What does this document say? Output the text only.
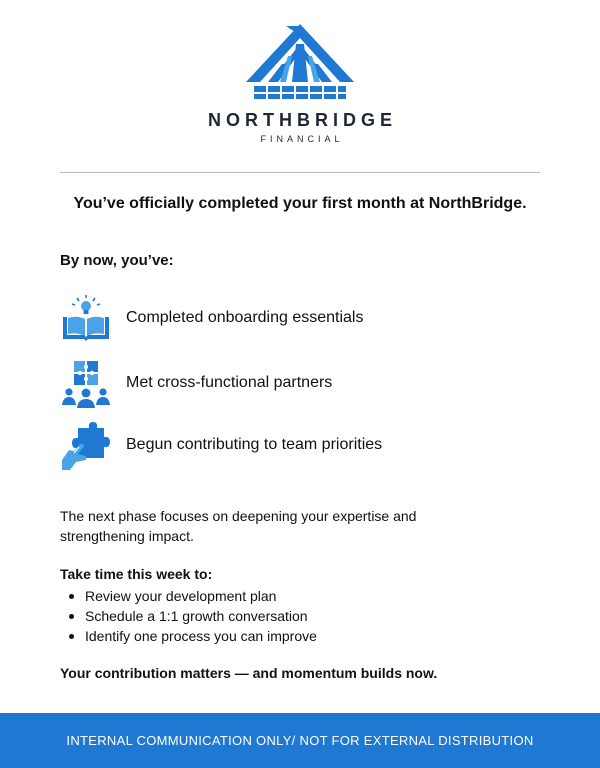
NORTHBRIDGE
FINANCIAL
You’ve officially completed your first month at NorthBridge.
By now, you’ve:
Completed onboarding essentials
Met cross-functional partners
Begun contributing to team priorities
The next phase focuses on deepening your expertise and strengthening impact.
Take time this week to:
Review your development plan
Schedule a 1:1 growth conversation
Identify one process you can improve
Your contribution matters — and momentum builds now.
INTERNAL COMMUNICATION ONLY/ NOT FOR EXTERNAL DISTRIBUTION
